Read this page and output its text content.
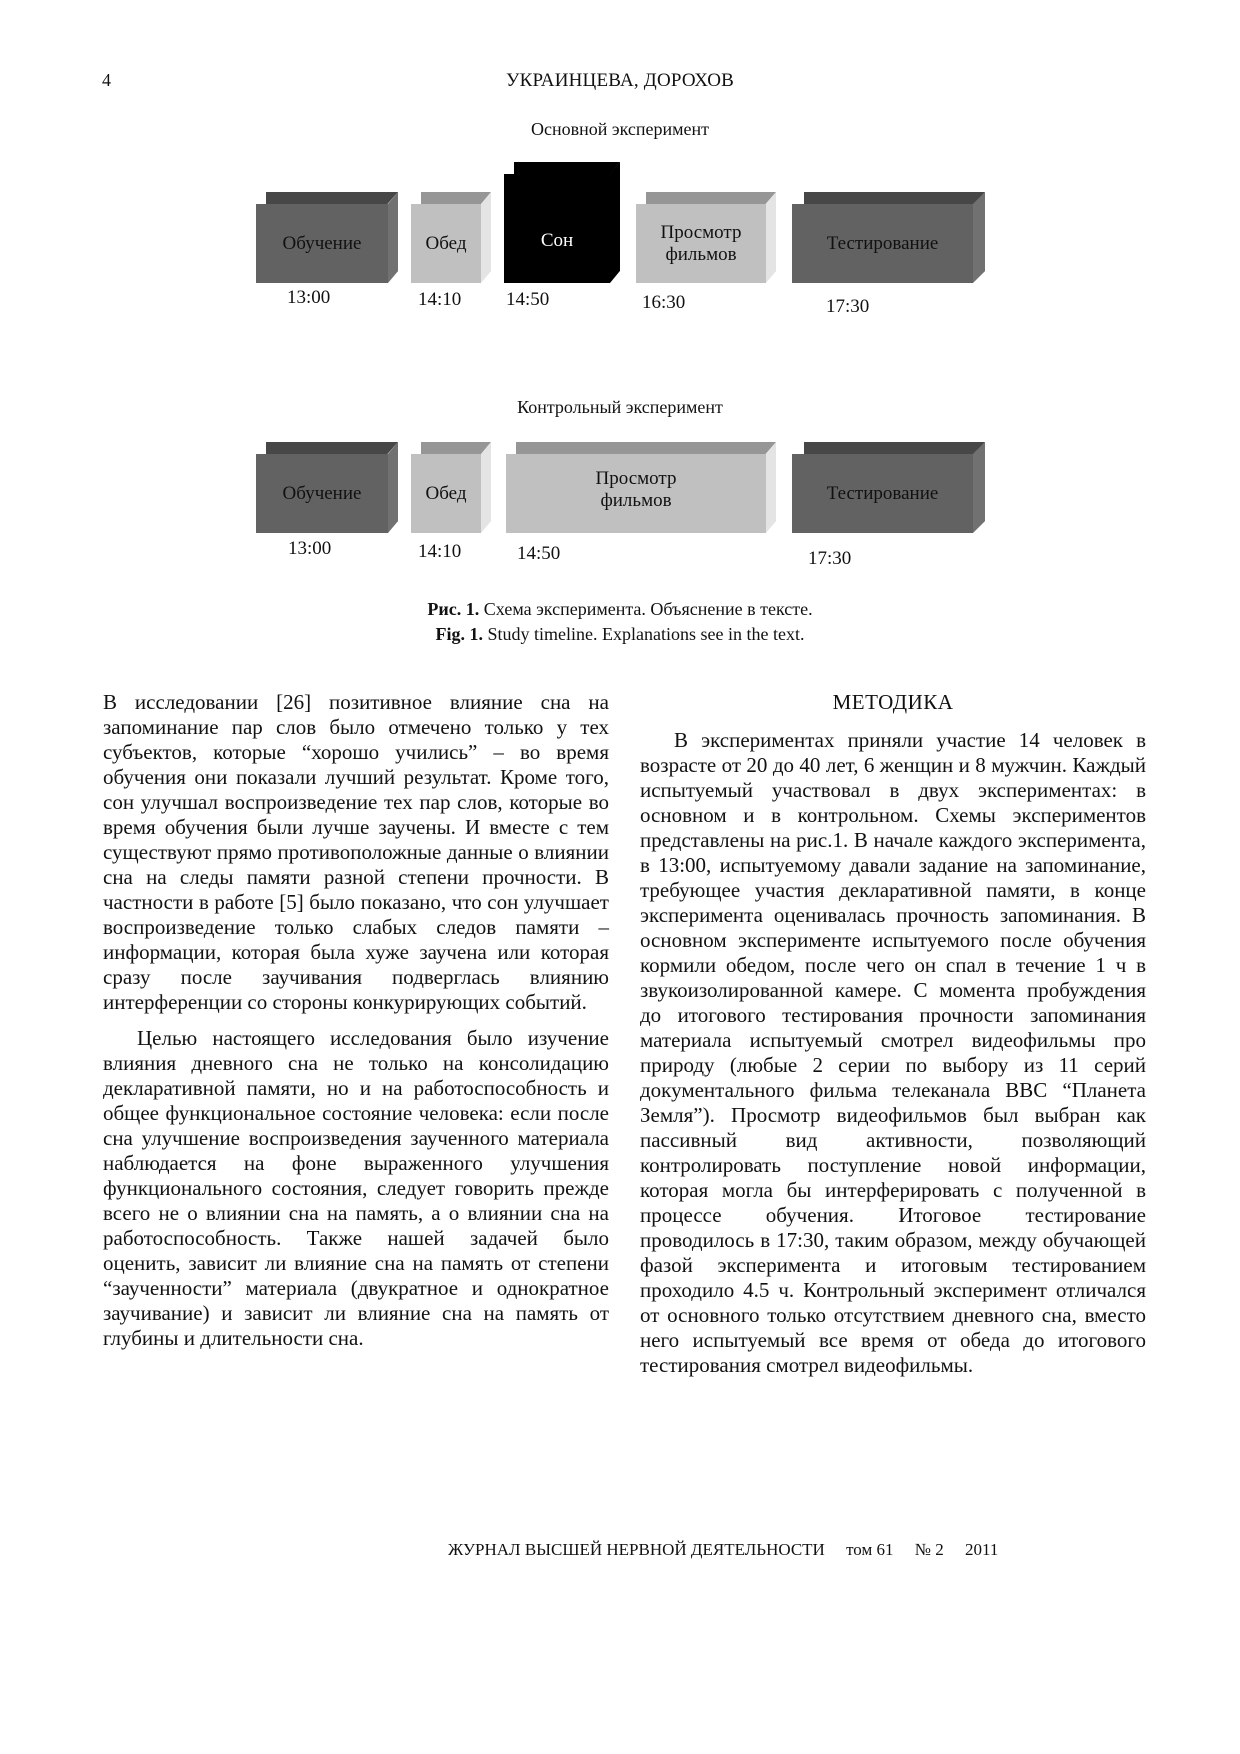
4	УКРАИНЦЕВА, ДОРОХОВ
Основной эксперимент
Обучение
13:00
Обед
14:10
Сон
14:50
Просмотр
фильмов
16:30
Тестирование
17:30
Контрольный эксперимент
Обучение
13:00
Обед
14:10
Просмотр
фильмов
14:50
Тестирование
17:30
Рис. 1. Схема эксперимента. Объяснение в тексте.
Fig. 1. Study timeline. Explanations see in the text.

В исследовании [26] позитивное влияние сна на запоминание пар слов было отмечено только у тех субъектов, которые “хорошо учились” – во время обучения они показали лучший результат. Кроме того, сон улучшал воспроизведение тех пар слов, которые во время обучения были лучше заучены. И вместе с тем существуют прямо противоположные данные о влиянии сна на следы памяти разной степени прочности. В частности в работе [5] было показано, что сон улучшает воспроизведение только слабых следов памяти – информации, которая была хуже заучена или которая сразу после заучивания подверглась влиянию интерференции со стороны конкурирующих событий.

Целью настоящего исследования было изучение влияния дневного сна не только на консолидацию декларативной памяти, но и на работоспособность и общее функциональное состояние человека: если после сна улучшение воспроизведения заученного материала наблюдается на фоне выраженного улучшения функционального состояния, следует говорить прежде всего не о влиянии сна на память, а о влиянии сна на работоспособность. Также нашей задачей было оценить, зависит ли влияние сна на память от степени “заученности” материала (двукратное и однократное заучивание) и зависит ли влияние сна на память от глубины и длительности сна.

МЕТОДИКА

В экспериментах приняли участие 14 человек в возрасте от 20 до 40 лет, 6 женщин и 8 мужчин. Каждый испытуемый участвовал в двух экспериментах: в основном и в контрольном. Схемы экспериментов представлены на рис.1. В начале каждого эксперимента, в 13:00, испытуемому давали задание на запоминание, требующее участия декларативной памяти, в конце эксперимента оценивалась прочность запоминания. В основном эксперименте испытуемого после обучения кормили обедом, после чего он спал в течение 1 ч в звукоизолированной камере. С момента пробуждения до итогового тестирования прочности запоминания материала испытуемый смотрел видеофильмы про природу (любые 2 серии по выбору из 11 серий документального фильма телеканала ВВС “Планета Земля”). Просмотр видеофильмов был выбран как пассивный вид активности, позволяющий контролировать поступление новой информации, которая могла бы интерферировать с полученной в процессе обучения. Итоговое тестирование проводилось в 17:30, таким образом, между обучающей фазой эксперимента и итоговым тестированием проходило 4.5 ч. Контрольный эксперимент отличался от основного только отсутствием дневного сна, вместо него испытуемый все время от обеда до итогового тестирования смотрел видеофильмы.

ЖУРНАЛ ВЫСШЕЙ НЕРВНОЙ ДЕЯТЕЛЬНОСТИ том 61 № 2 2011
